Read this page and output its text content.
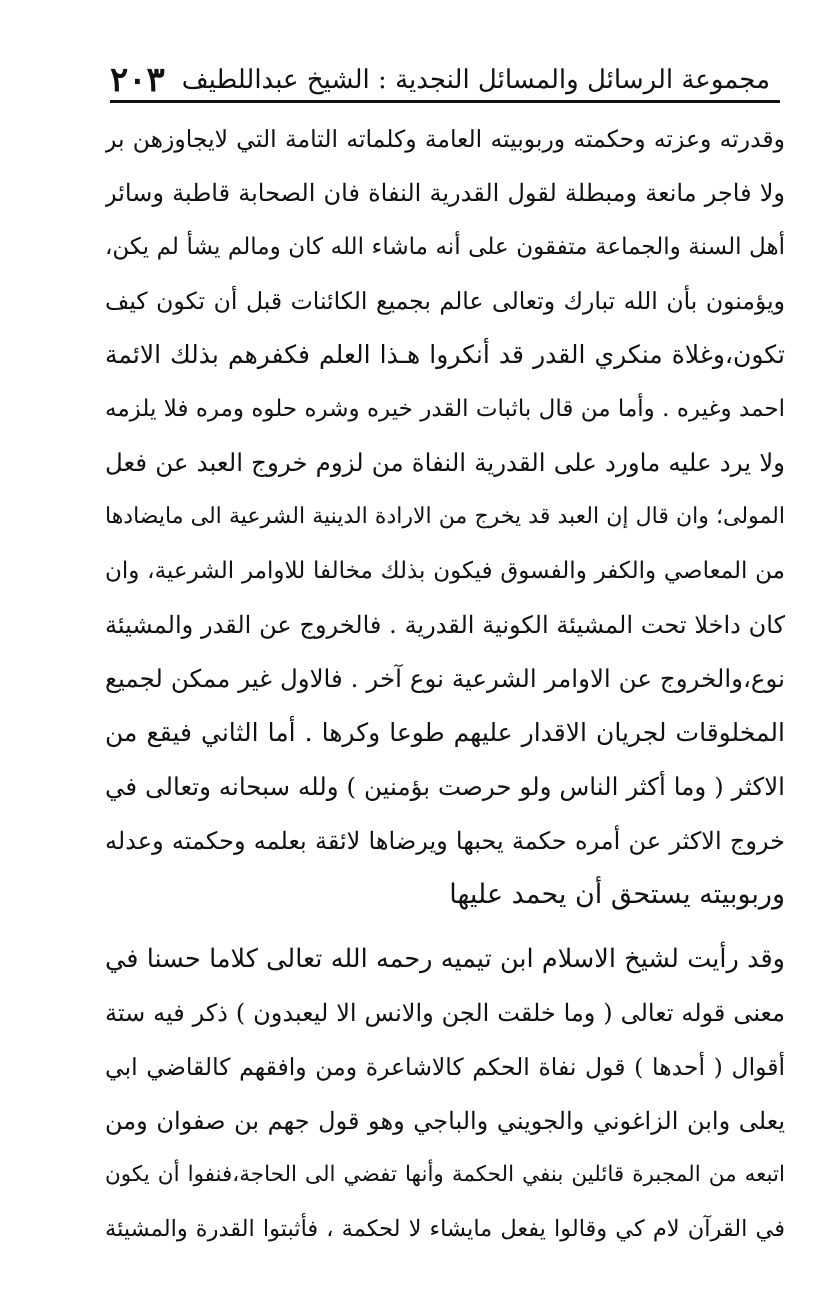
مجموعة الرسائل والمسائل النجدية : الشيخ عبداللطيف
٢٠٣
وقدرته وعزته وحكمته وربوبيته العامة وكلماته التامة التي لايجاوزهن بر
ولا فاجر مانعة ومبطلة لقول القدرية النفاة فان الصحابة قاطبة وسائر
أهل السنة والجماعة متفقون على أنه ماشاء الله كان ومالم يشأ لم يكن،
ويؤمنون بأن الله تبارك وتعالى عالم بجميع الكائنات قبل أن تكون كيف
تكون،وغلاة منكري القدر قد أنكروا هـذا العلم فكفرهم بذلك الائمة
احمد وغيره . وأما من قال باثبات القدر خيره وشره حلوه ومره فلا يلزمه
ولا يرد عليه ماورد على القدرية النفاة من لزوم خروج العبد عن فعل
المولى؛ وان قال إن العبد قد يخرج من الارادة الدينية الشرعية الى مايضادها
من المعاصي والكفر والفسوق فيكون بذلك مخالفا للاوامر الشرعية، وان
كان داخلا تحت المشيئة الكونية القدرية . فالخروج عن القدر والمشيئة
نوع،والخروج عن الاوامر الشرعية نوع آخر . فالاول غير ممكن لجميع
المخلوقات لجريان الاقدار عليهم طوعا وكرها . أما الثاني فيقع من
الاكثر ( وما أكثر الناس ولو حرصت بؤمنين ) ولله سبحانه وتعالى في
خروج الاكثر عن أمره حكمة يحبها ويرضاها لائقة بعلمه وحكمته وعدله
وربوبيته يستحق أن يحمد عليها
وقد رأيت لشيخ الاسلام ابن تيميه رحمه الله تعالى كلاما حسنا في
معنى قوله تعالى ( وما خلقت الجن والانس الا ليعبدون ) ذكر فيه ستة
أقوال ( أحدها ) قول نفاة الحكم كالاشاعرة ومن وافقهم كالقاضي ابي
يعلى وابن الزاغوني والجويني والباجي وهو قول جهم بن صفوان ومن
اتبعه من المجبرة قائلين بنفي الحكمة وأنها تفضي الى الحاجة،فنفوا أن يكون
في القرآن لام كي وقالوا يفعل مايشاء لا لحكمة ، فأثبتوا القدرة والمشيئة
